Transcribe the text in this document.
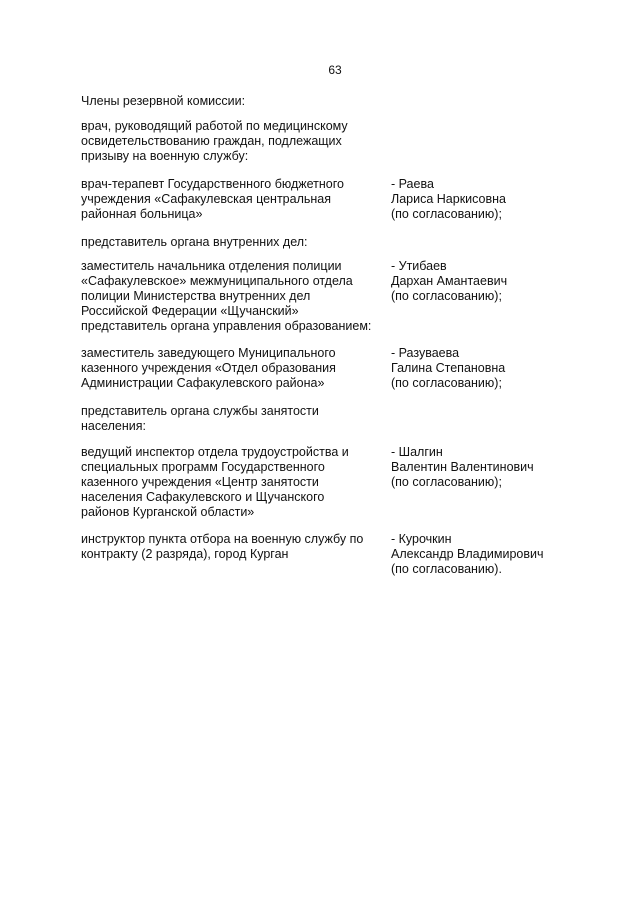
63
Члены резервной комиссии:
врач, руководящий работой по медицинскому
освидетельствованию граждан, подлежащих
призыву на военную службу:
врач-терапевт Государственного бюджетного
учреждения «Сафакулевская центральная
районная больница»
- Раева
Лариса Наркисовна
(по согласованию);
представитель органа внутренних дел:
заместитель начальника отделения полиции
«Сафакулевское» межмуниципального отдела
полиции Министерства внутренних дел
Российской Федерации «Щучанский»
представитель органа управления образованием:
- Утибаев
Дархан Амантаевич
(по согласованию);
заместитель заведующего Муниципального
казенного учреждения «Отдел образования
Администрации Сафакулевского района»
- Разуваева
Галина Степановна
(по согласованию);
представитель органа службы занятости
населения:
ведущий инспектор отдела трудоустройства и
специальных программ Государственного
казенного учреждения «Центр занятости
населения Сафакулевского и Щучанского
районов Курганской области»
- Шалгин
Валентин Валентинович
(по согласованию);
инструктор пункта отбора на военную службу по
контракту (2 разряда), город Курган
- Курочкин
Александр Владимирович
(по согласованию).
